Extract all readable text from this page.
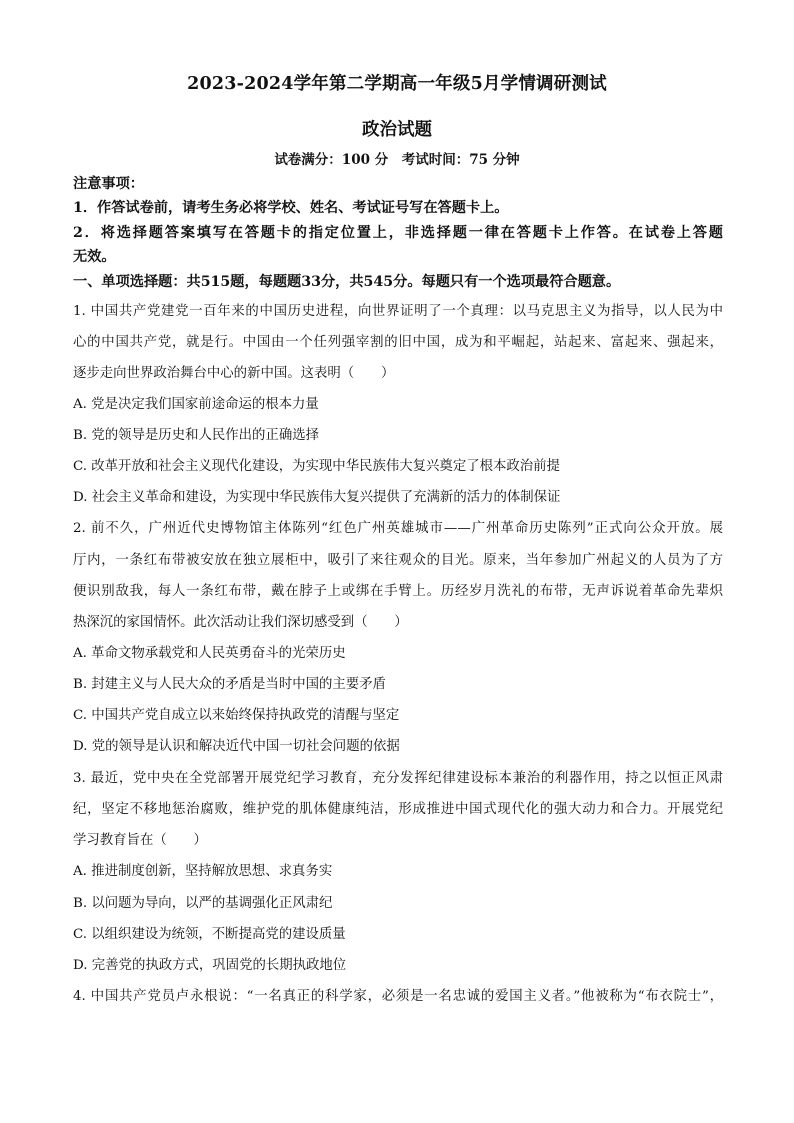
2023-2024学年第二学期高一年级5月学情调研测试
政治试题
试卷满分：100 分　考试时间：75 分钟
注意事项：
1．作答试卷前，请考生务必将学校、姓名、考试证号写在答题卡上。
2．将选择题答案填写在答题卡的指定位置上，非选择题一律在答题卡上作答。在试卷上答题
无效。
一、单项选择题：共515题，每题题33分，共545分。每题只有一个选项最符合题意。
1. 中国共产党建党一百年来的中国历史进程，向世界证明了一个真理：以马克思主义为指导，以人民为中
心的中国共产党，就是行。中国由一个任列强宰割的旧中国，成为和平崛起，站起来、富起来、强起来，
逐步走向世界政治舞台中心的新中国。这表明（　　）
A. 党是决定我们国家前途命运的根本力量
B. 党的领导是历史和人民作出的正确选择
C. 改革开放和社会主义现代化建设，为实现中华民族伟大复兴奠定了根本政治前提
D. 社会主义革命和建设，为实现中华民族伟大复兴提供了充满新的活力的体制保证
2. 前不久，广州近代史博物馆主体陈列“红色广州英雄城市——广州革命历史陈列”正式向公众开放。展
厅内，一条红布带被安放在独立展柜中，吸引了来往观众的目光。原来，当年参加广州起义的人员为了方
便识别敌我，每人一条红布带，戴在脖子上或绑在手臂上。历经岁月洗礼的布带，无声诉说着革命先辈炽
热深沉的家国情怀。此次活动让我们深切感受到（　　）
A. 革命文物承载党和人民英勇奋斗的光荣历史
B. 封建主义与人民大众的矛盾是当时中国的主要矛盾
C. 中国共产党自成立以来始终保持执政党的清醒与坚定
D. 党的领导是认识和解决近代中国一切社会问题的依据
3. 最近，党中央在全党部署开展党纪学习教育，充分发挥纪律建设标本兼治的利器作用，持之以恒正风肃
纪，坚定不移地惩治腐败，维护党的肌体健康纯洁，形成推进中国式现代化的强大动力和合力。开展党纪
学习教育旨在（　　）
A. 推进制度创新，坚持解放思想、求真务实
B. 以问题为导向，以严的基调强化正风肃纪
C. 以组织建设为统领，不断提高党的建设质量
D. 完善党的执政方式，巩固党的长期执政地位
4. 中国共产党员卢永根说：“一名真正的科学家，必须是一名忠诚的爱国主义者。”他被称为“布衣院士”，
